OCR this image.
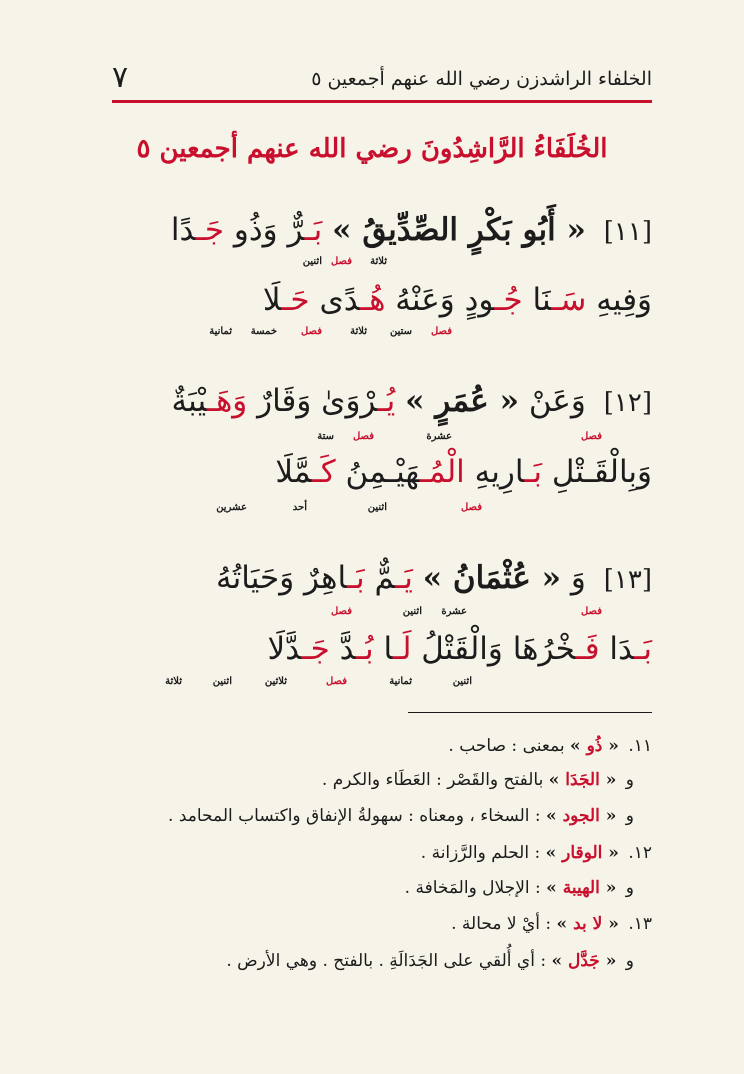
الخلفاء الراشدزن رضي الله عنهم أجمعين ٥
٧
الخُلَفَاءُ الرَّاشِدُونَ رضي الله عنهم أجمعين ٥
[١١] « أَبُو بَكْرٍ الصِّدِّيقُ » بَـرٌّ وَذُو جَـدًا
اثنين فصل ثلاثة
وَفِيهِ سَـنَا جُـودٍ وَعَنْهُ هُـدًى حَـلَا
فصل
ستين
ثلاثة
فصل
خمسة
ثمانية
[١٢] وَعَنْ « عُمَرٍ » يُـرْوَىٰ وَقَارٌ وَهَـيْبَةٌ
فصل
عشرة
فصل
ستة
وَبِالْقَـتْلِ بَـارِيهِ الْمُـهَيْـمِنُ كَـمَّلَا
فصل
اثنين
أحد
عشرين
[١٣] وَ « عُثْمَانُ » يَـمٌّ بَـاهِرٌ وَحَيَاتُهُ
فصل
عشرة
اثنين
فصل
بَـدَا فَـخْرُهَا وَالْقَتْلُ لَـا بُـدَّ جَـدَّلَا
اثنين
ثمانية
فصل
ثلاثين
اثنين
ثلاثة
١١. « ذُو » بمعنى : صاحب .
و « الجَدَا » بالفتح والقَصْر : العَطَاء والكرم .
و « الجود » : السخاء ، ومعناه : سهولةُ الإنفاق واكتساب المحامد .
١٢. « الوقار » : الحلم والرَّزانة .
و « الهيبة » : الإجلال والمَخافة .
١٣. « لا بد » : أيْ لا محالة .
و « جَدَّل » : أي أُلقي على الجَدَالَةِ . بالفتح . وهي الأرض .
